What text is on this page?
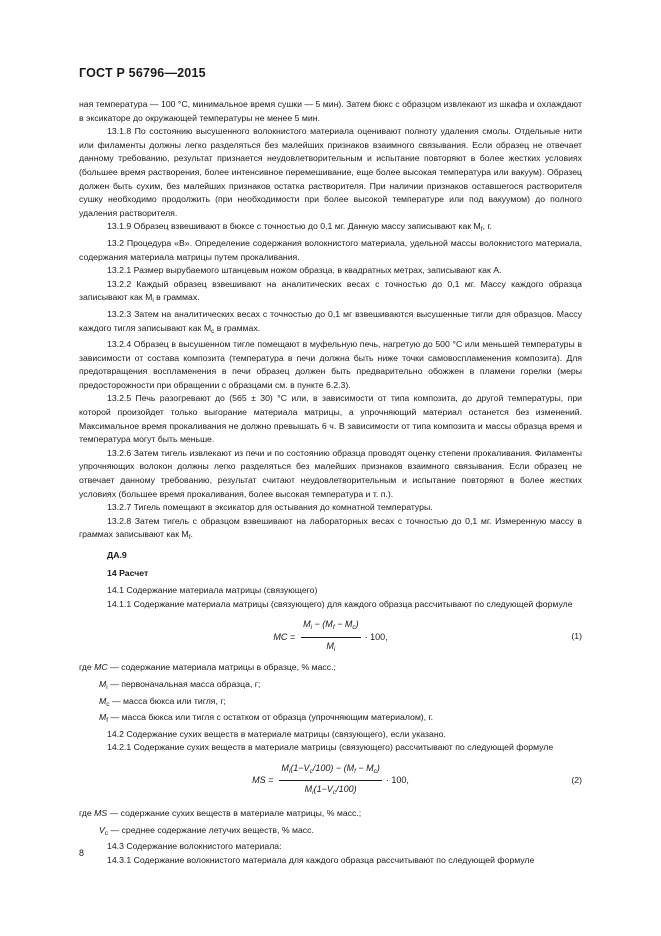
ГОСТ Р 56796—2015

ная температура — 100 °С, минимальное время сушки — 5 мин). Затем бюкс с образцом извлекают из шкафа и охлаждают в эксикаторе до окружающей температуры не менее 5 мин.

13.1.8 По состоянию высушенного волокнистого материала оценивают полноту удаления смолы. Отдельные нити или филаменты должны легко разделяться без малейших признаков взаимного связывания. Если образец не отвечает данному требованию, результат признается неудовлетворительным и испытание повторяют в более жестких условиях (большее время растворения, более интенсивное перемешивание, еще более высокая температура или вакуум). Образец должен быть сухим, без малейших признаков остатка растворителя. При наличии признаков оставшегося растворителя сушку необходимо продолжить (при необходимости при более высокой температуре или под вакуумом) до полного удаления растворителя.

13.1.9 Образец взвешивают в бюксе с точностью до 0,1 мг. Данную массу записывают как $M_f$, г.

13.2 Процедура «В». Определение содержания волокнистого материала, удельной массы волокнистого материала, содержания материала матрицы путем прокаливания.

13.2.1 Размер вырубаемого штанцевым ножом образца, в квадратных метрах, записывают как A.

13.2.2 Каждый образец взвешивают на аналитических весах с точностью до 0,1 мг. Массу каждого образца записывают как $M_i$ в граммах.

13.2.3 Затем на аналитических весах с точностью до 0,1 мг взвешиваются высушенные тигли для образцов. Массу каждого тигля записывают как $M_c$ в граммах.

13.2.4 Образец в высушенном тигле помещают в муфельную печь, нагретую до 500 °С или меньшей температуры в зависимости от состава композита (температура в печи должна быть ниже точки самовоспламенения композита). Для предотвращения воспламенения в печи образец должен быть предварительно обожжен в пламени горелки (меры предосторожности при обращении с образцами см. в пункте 6.2.3).

13.2.5 Печь разогревают до (565 ± 30) °С или, в зависимости от типа композита, до другой температуры, при которой произойдет только выгорание материала матрицы, а упрочняющий материал останется без изменений. Максимальное время прокаливания не должно превышать 6 ч. В зависимости от типа композита и массы образца время и температура могут быть меньше.

13.2.6 Затем тигель извлекают из печи и по состоянию образца проводят оценку степени прокаливания. Филаменты упрочняющих волокон должны легко разделяться без малейших признаков взаимного связывания. Если образец не отвечает данному требованию, результат считают неудовлетворительным и испытание повторяют в более жестких условиях (большее время прокаливания, более высокая температура и т. п.).

13.2.7 Тигель помещают в эксикатор для остывания до комнатной температуры.

13.2.8 Затем тигель с образцом взвешивают на лабораторных весах с точностью до 0,1 мг. Измеренную массу в граммах записывают как $M_f$.

ДА.9

14 Расчет

14.1 Содержание материала матрицы (связующего)

14.1.1 Содержание материала матрицы (связующего) для каждого образца рассчитывают по следующей формуле

MC = $\frac{M_i - (M_f - M_c)}{M_i} \cdot 100$,	(1)

где MC — содержание материала матрицы в образце, % масс.;

$M_i$ — первоначальная масса образца, г;

$M_c$ — масса бюкса или тигля, г;

$M_f$ — масса бюкса или тигля с остатком от образца (упрочняющим материалом), г.

14.2 Содержание сухих веществ в материале матрицы (связующего), если указано.

14.2.1 Содержание сухих веществ в материале матрицы (связующего) рассчитывают по следующей формуле

MS = $\frac{M_i(1-V_c/100) - (M_f - M_c)}{M_i(1-V_c/100)} \cdot 100$,	(2)

где MS — содержание сухих веществ в материале матрицы, % масс.;

$V_c$ — среднее содержание летучих веществ, % масс.

14.3 Содержание волокнистого материала:

14.3.1 Содержание волокнистого материала для каждого образца рассчитывают по следующей формуле

8
